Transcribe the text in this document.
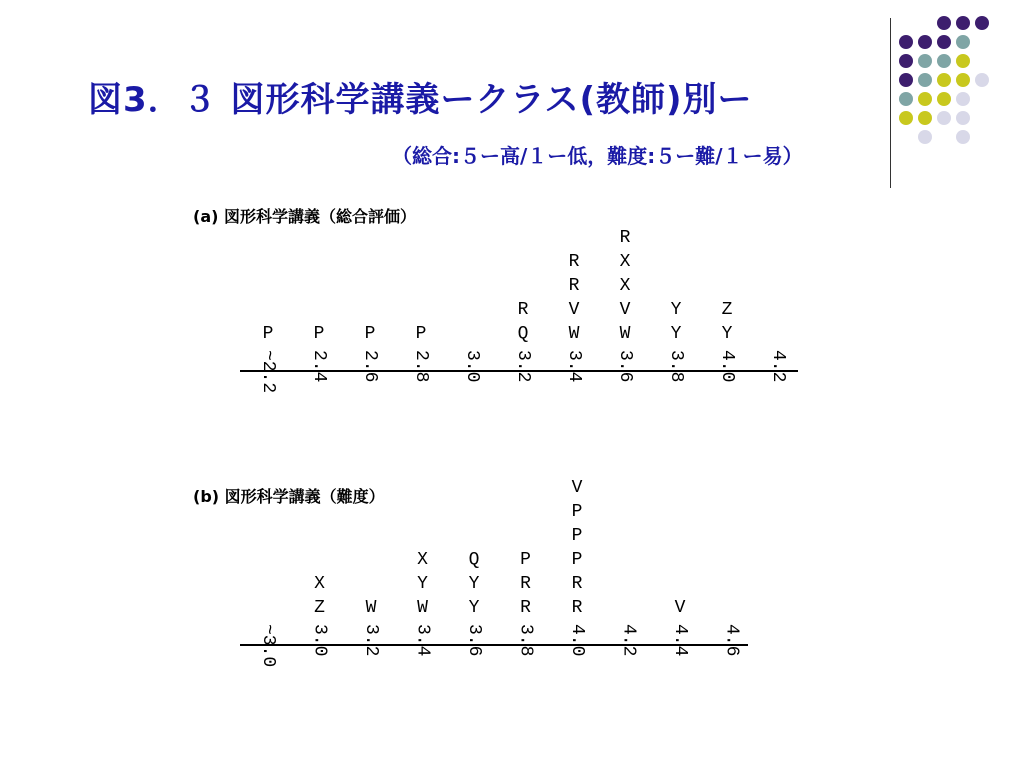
図3．３ 図形科学講義ークラス(教師)別ー
（総合:５ー高/１ー低，難度:５ー難/１ー易）
(a) 図形科学講義（総合評価）
~2.2
P
2.4
P
2.6
P
2.8
P
3.0 3.2
Q
R
3.4
W
V
R
R
3.6
W
V
X
X
R
3.8
Y
Y
4.0
Y
Z
4.2
(b) 図形科学講義（難度）
~3.0 3.0
Z
X
3.2
W
3.4
W
Y
X
3.6
Y
Y
Q
3.8
R
R
P
4.0
R
R
P
P
P
V
4.2 4.4
V
4.6
